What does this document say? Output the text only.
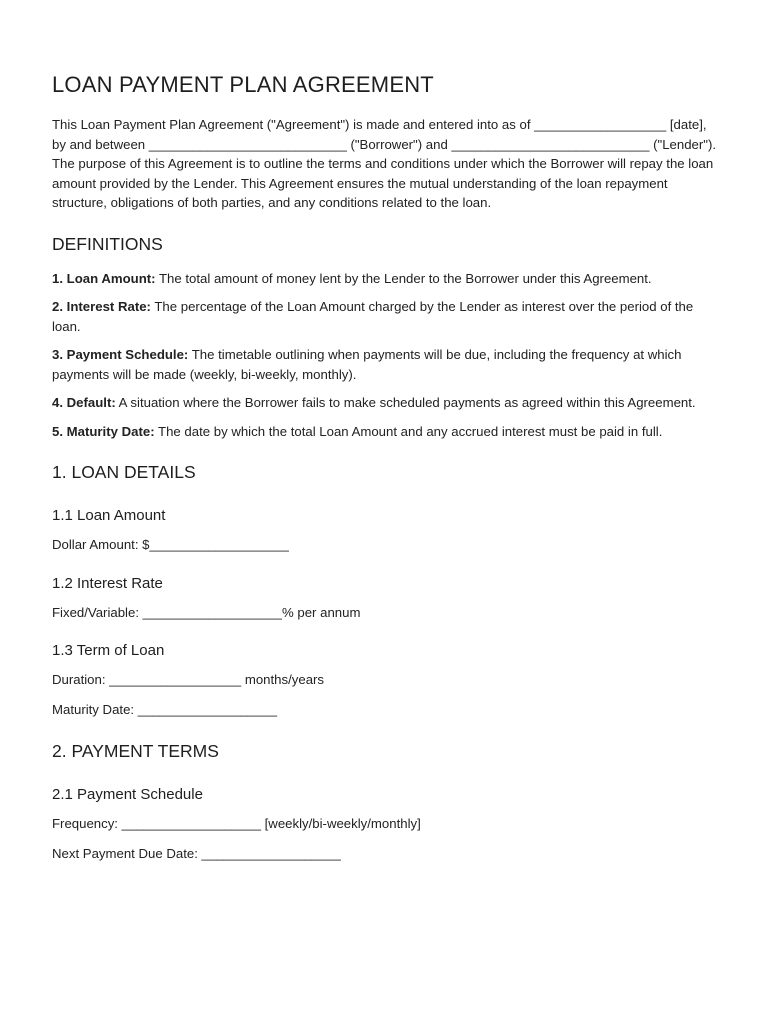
LOAN PAYMENT PLAN AGREEMENT

This Loan Payment Plan Agreement ("Agreement") is made and entered into as of __________________ [date], by and between ___________________________ ("Borrower") and ___________________________ ("Lender"). The purpose of this Agreement is to outline the terms and conditions under which the Borrower will repay the loan amount provided by the Lender. This Agreement ensures the mutual understanding of the loan repayment structure, obligations of both parties, and any conditions related to the loan.

DEFINITIONS

1. Loan Amount: The total amount of money lent by the Lender to the Borrower under this Agreement.

2. Interest Rate: The percentage of the Loan Amount charged by the Lender as interest over the period of the loan.

3. Payment Schedule: The timetable outlining when payments will be due, including the frequency at which payments will be made (weekly, bi-weekly, monthly).

4. Default: A situation where the Borrower fails to make scheduled payments as agreed within this Agreement.

5. Maturity Date: The date by which the total Loan Amount and any accrued interest must be paid in full.

1. LOAN DETAILS
1.1 Loan Amount

Dollar Amount: $___________________

1.2 Interest Rate

Fixed/Variable: ___________________% per annum

1.3 Term of Loan

Duration: __________________ months/years

Maturity Date: ___________________

2. PAYMENT TERMS
2.1 Payment Schedule

Frequency: ___________________ [weekly/bi-weekly/monthly]

Next Payment Due Date: ___________________
